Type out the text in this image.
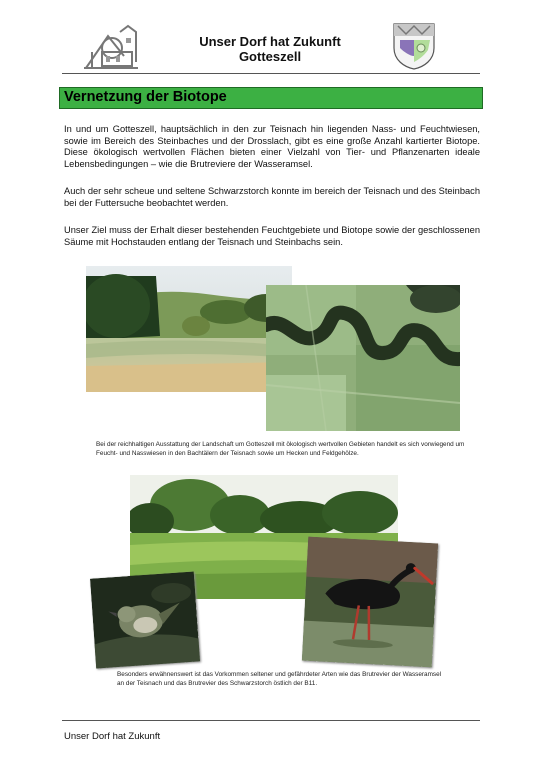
Unser Dorf hat Zukunft
Gotteszell
Vernetzung der Biotope
In und um Gotteszell, hauptsächlich in den zur Teisnach hin liegenden Nass- und Feuchtwiesen, sowie im Bereich des Steinbaches und der Drosslach, gibt es eine große Anzahl kartierter Biotope. Diese ökologisch wertvollen Flächen bieten einer Vielzahl von Tier- und Pflanzenarten ideale Lebensbedingungen – wie die Brutreviere der Wasseramsel.
Auch der sehr scheue und seltene Schwarzstorch konnte im bereich der Teisnach und des Steinbach bei der Futtersuche beobachtet werden.
Unser Ziel muss der Erhalt dieser bestehenden Feuchtgebiete und Biotope sowie der geschlossenen Säume mit Hochstauden entlang der Teisnach und Steinbachs sein.
Bei der reichhaltigen Ausstattung der Landschaft um Gotteszell mit ökologisch wertvollen Gebieten handelt es sich vorwiegend um Feucht- und Nasswiesen in den Bachtälern der Teisnach sowie um Hecken und Feldgehölze.
Besonders erwähnenswert ist das Vorkommen seltener und gefährdeter Arten wie das Brutrevier der Wasseramsel an der Teisnach und das Brutrevier des Schwarzstorch östlich der B11.
Unser Dorf hat Zukunft
